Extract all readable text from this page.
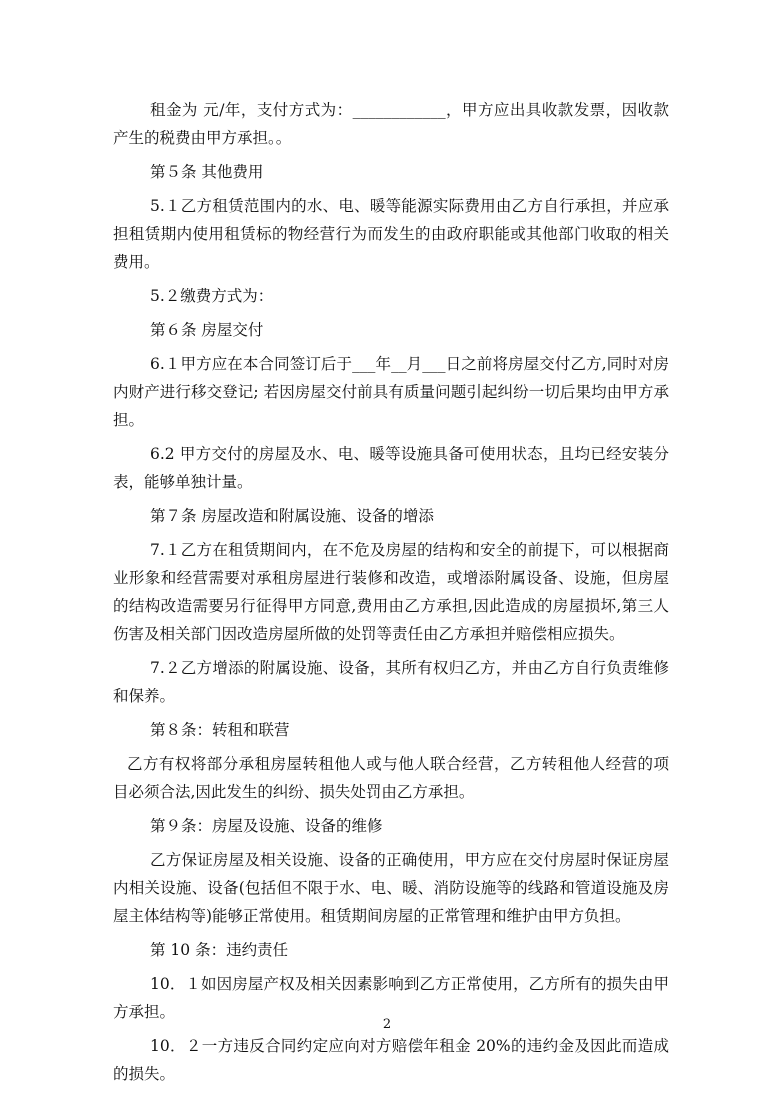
租金为 元/年，支付方式为：____________，甲方应出具收款发票，因收款产生的税费由甲方承担。。

第５条 其他费用

5.１乙方租赁范围内的水、电、暖等能源实际费用由乙方自行承担，并应承担租赁期内使用租赁标的物经营行为而发生的由政府职能或其他部门收取的相关费用。

5.２缴费方式为：

第６条 房屋交付

6.１甲方应在本合同签订后于___年__月___日之前将房屋交付乙方,同时对房内财产进行移交登记; 若因房屋交付前具有质量问题引起纠纷一切后果均由甲方承担。

6.2 甲方交付的房屋及水、电、暖等设施具备可使用状态，且均已经安装分表，能够单独计量。

第７条 房屋改造和附属设施、设备的增添

7.１乙方在租赁期间内，在不危及房屋的结构和安全的前提下，可以根据商业形象和经营需要对承租房屋进行装修和改造，或增添附属设备、设施，但房屋的结构改造需要另行征得甲方同意,费用由乙方承担,因此造成的房屋损坏,第三人伤害及相关部门因改造房屋所做的处罚等责任由乙方承担并赔偿相应损失。

7.２乙方增添的附属设施、设备，其所有权归乙方，并由乙方自行负责维修和保养。

第８条：转租和联营

乙方有权将部分承租房屋转租他人或与他人联合经营，乙方转租他人经营的项目必须合法,因此发生的纠纷、损失处罚由乙方承担。

第９条：房屋及设施、设备的维修

乙方保证房屋及相关设施、设备的正确使用，甲方应在交付房屋时保证房屋内相关设施、设备(包括但不限于水、电、暖、消防设施等的线路和管道设施及房屋主体结构等)能够正常使用。租赁期间房屋的正常管理和维护由甲方负担。

第 10 条：违约责任

10．１如因房屋产权及相关因素影响到乙方正常使用，乙方所有的损失由甲方承担。

10．２一方违反合同约定应向对方赔偿年租金 20%的违约金及因此而造成的损失。

2
